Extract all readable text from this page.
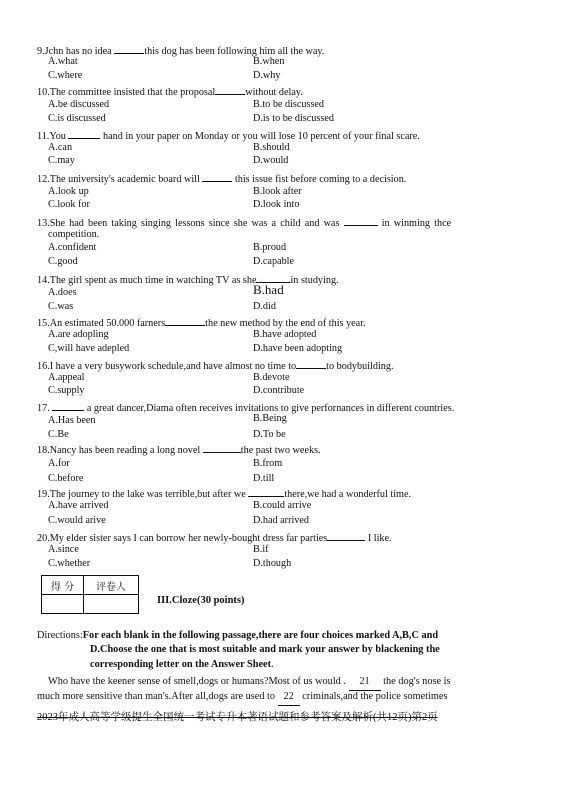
9.Jchn has no idea	this dog has been following him all the way.
A.what	B.when
C.where	D.why
10.The committee insisted that the proposal	without delay.
A.be discussed	B.to be discussed
C.is discussed	D.is to be discussed
11.You	hand in your paper on Monday or you will lose 10 percent of your final scare.
A.can	B.should
C.may	D.would
12.The university's academic board will	this issue fist before coming to a decision.
A.look up	B.look after
C.look for	D.look into
13.She had been taking singing lessons since she was a child and was	in winming thce
competition.
A.confident	B.proud
C.good	D.capable
14.The girl spent as much time in watching TV as she	in studying.
A.does	B.had
C.was	D.did
15.An estimated 50.000 farners	the new method by the end of this year.
A.are adopling	B.have adopted
C,will have adepled	D.have been adopting
16.I have a very busywork schedule,and have almost no time to	to bodybuilding.
A.appeal	B.devote
C.supply	D.contribute
17.	a great dancer,Diama often receives invitations to give perfornances in different countries.
A.Has been	B.Being
C.Be	D.To be
18.Nancy has been reading a long novel	the past two weeks.
A.for	B.from
C.before	D.till
19.The journey to the lake was terrible,but after we	there,we had a wonderful time.
A.have arrived	B.could arrive
C.would arive	D.had arrived
20.My elder sister says I can borrow her newly-bought dress far parties	I like.
A.since	B.if
C.whether	D.though
得 分	评卷人

III.Cloze(30 points)
Directions:For each blank in the following passage,there are four choices marked A,B,C and
D.Choose the one that is most suitable and mark your answer by blackening the
corresponding letter on the Answer Sheet.
Who have the keener sense of smell,dogs or humans?Most of us would . 21 the dog's nose is
much more sensitive than man's.After all,dogs are used to 22 criminals,and the police sometimes
2023年成人高等学级提生全国统一考试专升本著语试题和参考答案及解析(共12页)第2页
